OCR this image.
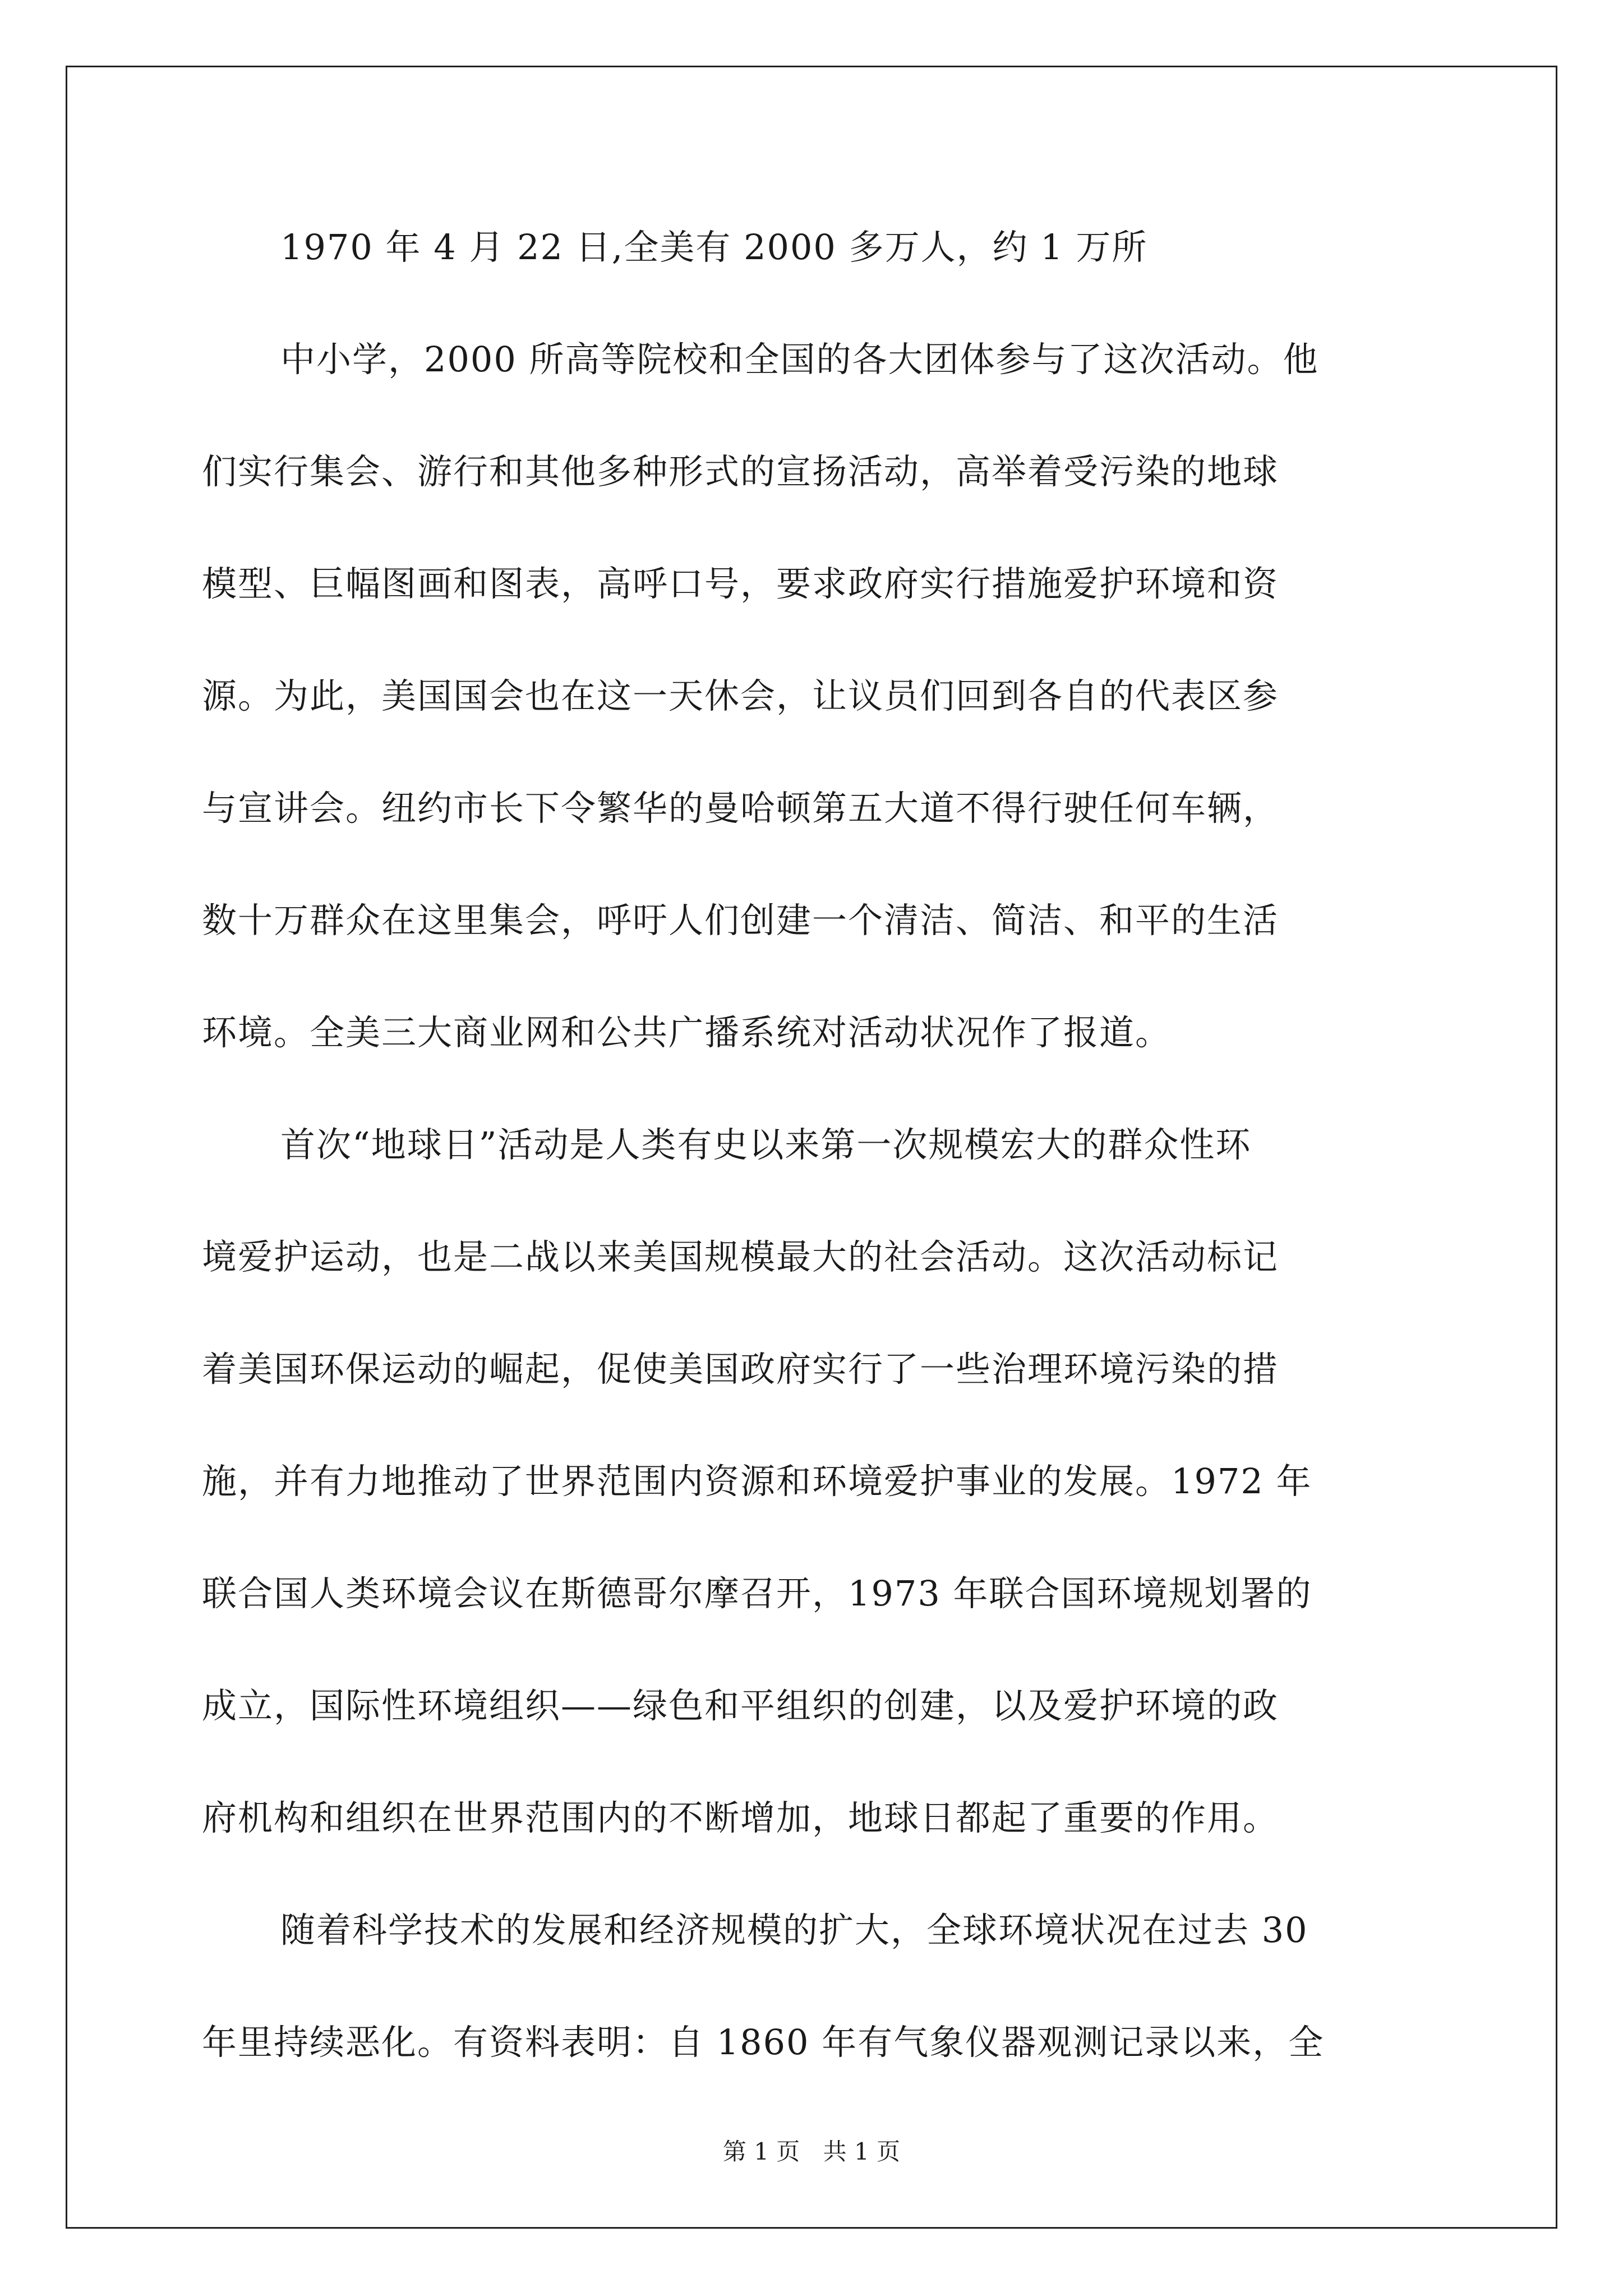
1970 年 4 月 22 日,全美有 2000 多万人，约 1 万所
中小学，2000 所高等院校和全国的各大团体参与了这次活动。他
们实行集会、游行和其他多种形式的宣扬活动，高举着受污染的地球
模型、巨幅图画和图表，高呼口号，要求政府实行措施爱护环境和资
源。为此，美国国会也在这一天休会，让议员们回到各自的代表区参
与宣讲会。纽约市长下令繁华的曼哈顿第五大道不得行驶任何车辆，
数十万群众在这里集会，呼吁人们创建一个清洁、简洁、和平的生活
环境。全美三大商业网和公共广播系统对活动状况作了报道。
首次“地球日”活动是人类有史以来第一次规模宏大的群众性环
境爱护运动，也是二战以来美国规模最大的社会活动。这次活动标记
着美国环保运动的崛起，促使美国政府实行了一些治理环境污染的措
施，并有力地推动了世界范围内资源和环境爱护事业的发展。1972 年
联合国人类环境会议在斯德哥尔摩召开，1973 年联合国环境规划署的
成立，国际性环境组织——绿色和平组织的创建，以及爱护环境的政
府机构和组织在世界范围内的不断增加，地球日都起了重要的作用。
随着科学技术的发展和经济规模的扩大，全球环境状况在过去 30
年里持续恶化。有资料表明：自 1860 年有气象仪器观测记录以来，全
第 1 页 共 1 页
